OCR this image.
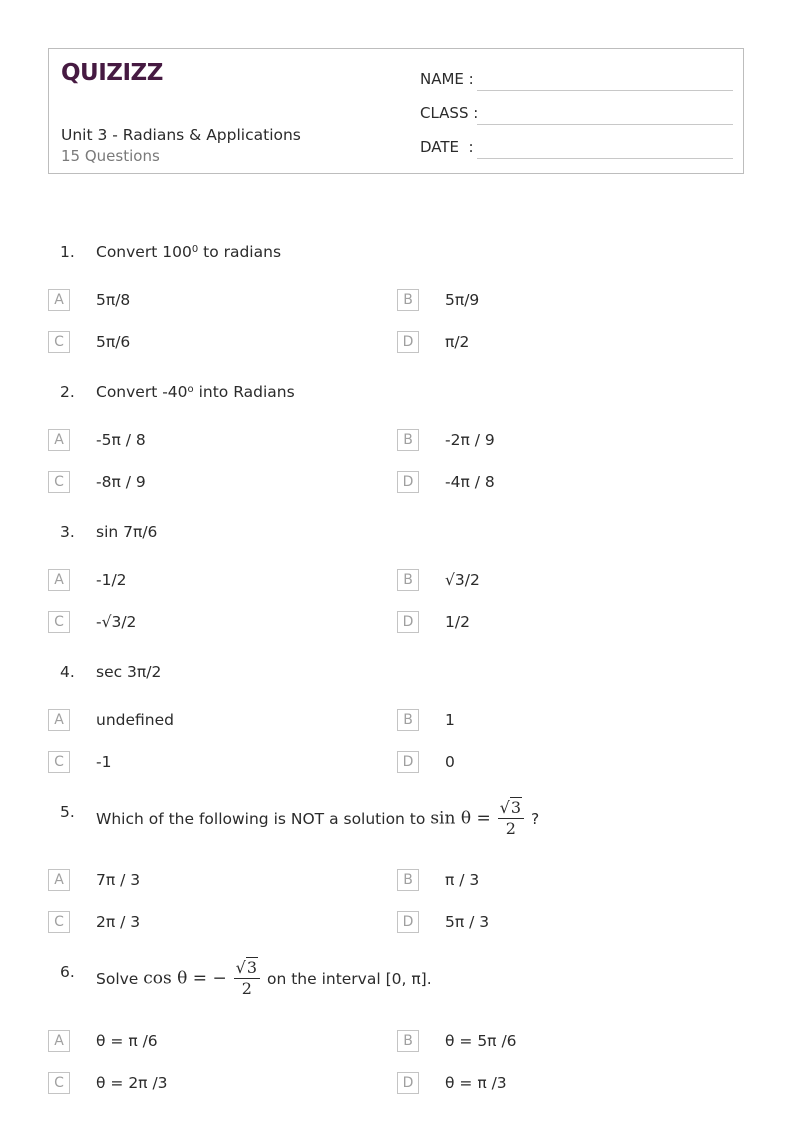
QUIZIZZ
Unit 3 - Radians & Applications
15 Questions
NAME :
CLASS :
DATE  :
1. Convert $100^0$ to radians
A	5π/8	B	5π/9
C	5π/6	D	π/2
2. Convert -40$^o$ into Radians
A	-5π / 8	B	-2π / 9
C	-8π / 9	D	-4π / 8
3. sin 7π/6
A	-1/2	B	√3/2
C	-√3/2	D	1/2
4. sec 3π/2
A	undefined	B	1
C	-1	D	0
5. Which of the following is NOT a solution to $\sin \theta = \frac{√3}{2}$ ?
A	7π / 3	B	π / 3
C	2π / 3	D	5π / 3
6. Solve cos θ = − $\frac{√3}{2}$ on the interval [0, π].
A	θ = π /6	B	θ = 5π /6
C	θ = 2π /3	D	θ = π /3
